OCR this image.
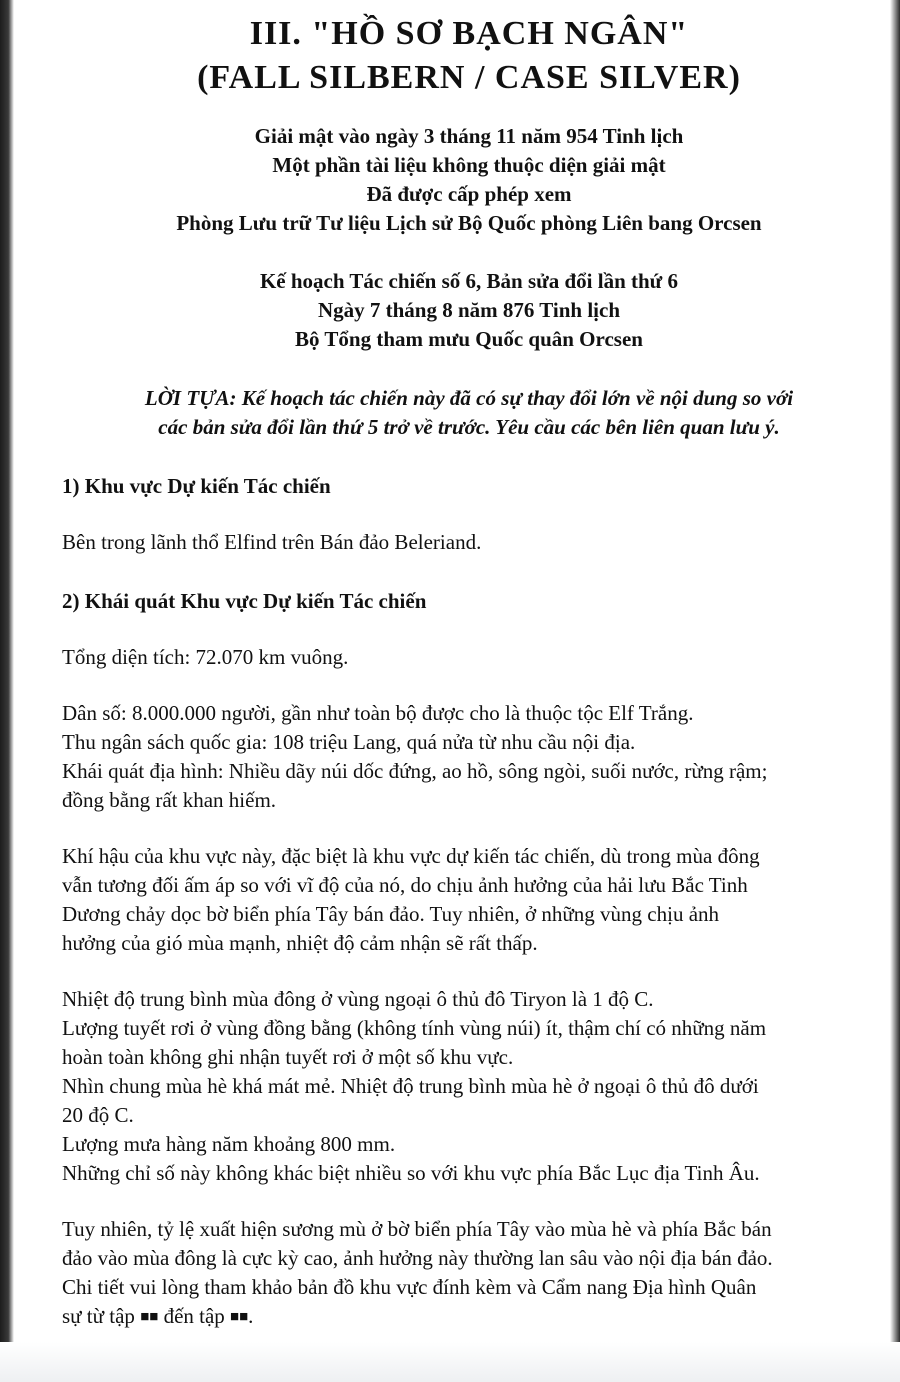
III. "HỒ SƠ BẠCH NGÂN"
(FALL SILBERN / CASE SILVER)

Giải mật vào ngày 3 tháng 11 năm 954 Tinh lịch

Một phần tài liệu không thuộc diện giải mật

Đã được cấp phép xem

Phòng Lưu trữ Tư liệu Lịch sử Bộ Quốc phòng Liên bang Orcsen

Kế hoạch Tác chiến số 6, Bản sửa đổi lần thứ 6

Ngày 7 tháng 8 năm 876 Tinh lịch

Bộ Tổng tham mưu Quốc quân Orcsen

LỜI TỰA: Kế hoạch tác chiến này đã có sự thay đổi lớn về nội dung so với
các bản sửa đổi lần thứ 5 trở về trước. Yêu cầu các bên liên quan lưu ý.

1) Khu vực Dự kiến Tác chiến

Bên trong lãnh thổ Elfind trên Bán đảo Beleriand.

2) Khái quát Khu vực Dự kiến Tác chiến

Tổng diện tích: 72.070 km vuông.

Dân số: 8.000.000 người, gần như toàn bộ được cho là thuộc tộc Elf Trắng.
Thu ngân sách quốc gia: 108 triệu Lang, quá nửa từ nhu cầu nội địa.
Khái quát địa hình: Nhiều dãy núi dốc đứng, ao hồ, sông ngòi, suối nước, rừng rậm;
đồng bằng rất khan hiếm.

Khí hậu của khu vực này, đặc biệt là khu vực dự kiến tác chiến, dù trong mùa đông
vẫn tương đối ấm áp so với vĩ độ của nó, do chịu ảnh hưởng của hải lưu Bắc Tinh
Dương chảy dọc bờ biển phía Tây bán đảo. Tuy nhiên, ở những vùng chịu ảnh
hưởng của gió mùa mạnh, nhiệt độ cảm nhận sẽ rất thấp.

Nhiệt độ trung bình mùa đông ở vùng ngoại ô thủ đô Tiryon là 1 độ C.
Lượng tuyết rơi ở vùng đồng bằng (không tính vùng núi) ít, thậm chí có những năm
hoàn toàn không ghi nhận tuyết rơi ở một số khu vực.
Nhìn chung mùa hè khá mát mẻ. Nhiệt độ trung bình mùa hè ở ngoại ô thủ đô dưới
20 độ C.
Lượng mưa hàng năm khoảng 800 mm.
Những chỉ số này không khác biệt nhiều so với khu vực phía Bắc Lục địa Tinh Âu.

Tuy nhiên, tỷ lệ xuất hiện sương mù ở bờ biển phía Tây vào mùa hè và phía Bắc bán
đảo vào mùa đông là cực kỳ cao, ảnh hưởng này thường lan sâu vào nội địa bán đảo.
Chi tiết vui lòng tham khảo bản đồ khu vực đính kèm và Cẩm nang Địa hình Quân
sự từ tập ■■ đến tập ■■.
